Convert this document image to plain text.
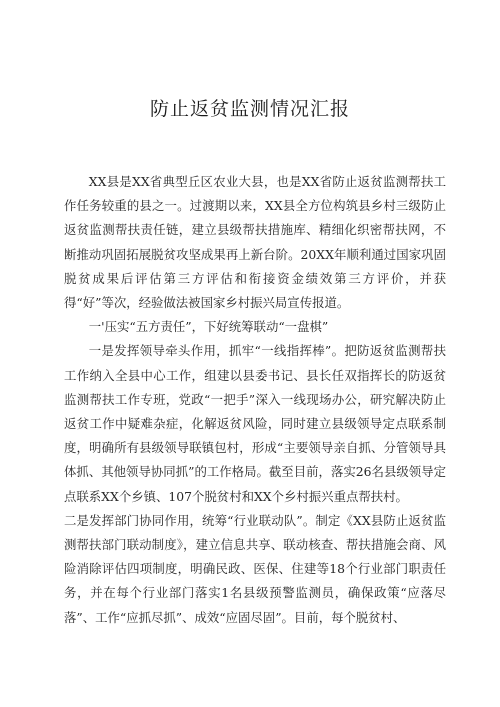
防止返贫监测情况汇报

XX县是XX省典型丘区农业大县，也是XX省防止返贫监测帮扶工作任务较重的县之一。过渡期以来，XX县全方位构筑县乡村三级防止返贫监测帮扶责任链，建立县级帮扶措施库、精细化织密帮扶网，不断推动巩固拓展脱贫攻坚成果再上新台阶。20XX年顺利通过国家巩固脱贫成果后评估第三方评估和衔接资金绩效第三方评价，并获得“好”等次，经验做法被国家乡村振兴局宣传报道。

一'压实“五方责任”，下好统筹联动“一盘棋”

一是发挥领导牵头作用，抓牢“一线指挥棒”。把防返贫监测帮扶工作纳入全县中心工作，组建以县委书记、县长任双指挥长的防返贫监测帮扶工作专班，党政“一把手”深入一线现场办公，研究解决防止返贫工作中疑难杂症，化解返贫风险，同时建立县级领导定点联系制度，明确所有县级领导联镇包村，形成“主要领导亲自抓、分管领导具体抓、其他领导协同抓”的工作格局。截至目前，落实26名县级领导定点联系XX个乡镇、107个脱贫村和XX个乡村振兴重点帮扶村。

二是发挥部门协同作用，统筹“行业联动队”。制定《XX县防止返贫监测帮扶部门联动制度》，建立信息共享、联动核查、帮扶措施会商、风险消除评估四项制度，明确民政、医保、住建等18个行业部门职责任务，并在每个行业部门落实1名县级预警监测员，确保政策“应落尽落”、工作“应抓尽抓”、成效“应固尽固”。目前，每个脱贫村、
